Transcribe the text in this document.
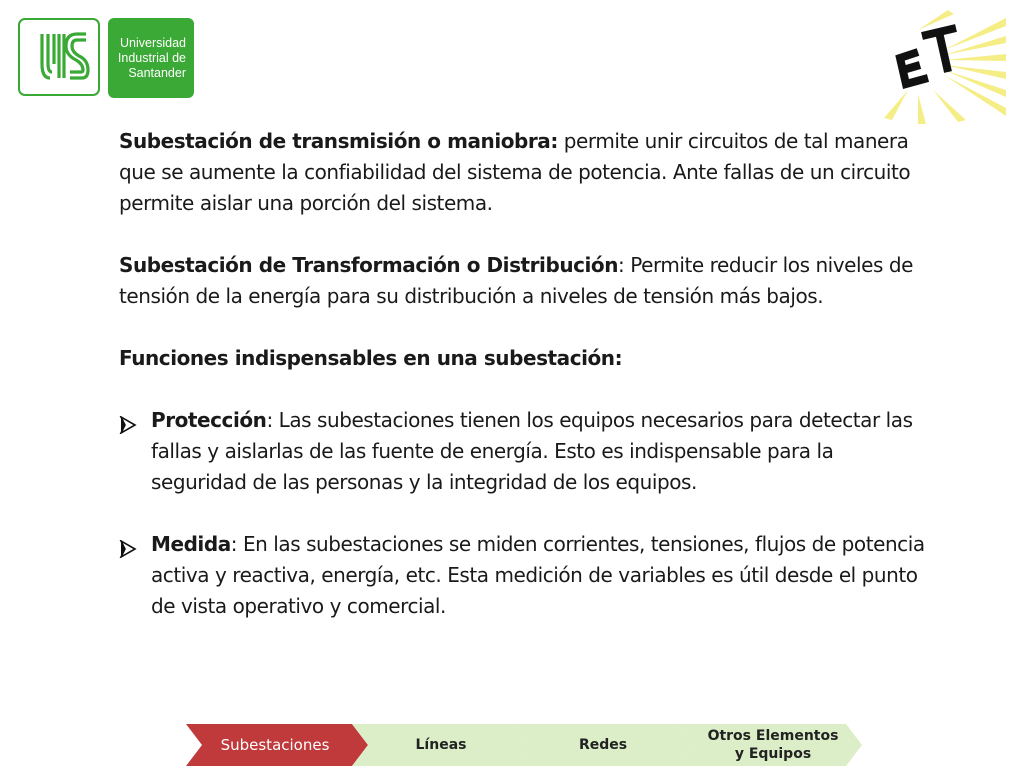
Universidad
Industrial de
Santander

Subestación de transmisión o maniobra: permite unir circuitos de tal manera que se aumente la confiabilidad del sistema de potencia. Ante fallas de un circuito permite aislar una porción del sistema.

Subestación de Transformación o Distribución: Permite reducir los niveles de tensión de la energía para su distribución a niveles de tensión más bajos.

Funciones indispensables en una subestación:

Protección: Las subestaciones tienen los equipos necesarios para detectar las fallas y aislarlas de las fuente de energía. Esto es indispensable para la seguridad de las personas y la integridad de los equipos.
Medida: En las subestaciones se miden corrientes, tensiones, flujos de potencia activa y reactiva, energía, etc. Esta medición de variables es útil desde el punto de vista operativo y comercial.
Subestaciones	Líneas	Redes
Otros Elementos
y Equipos
